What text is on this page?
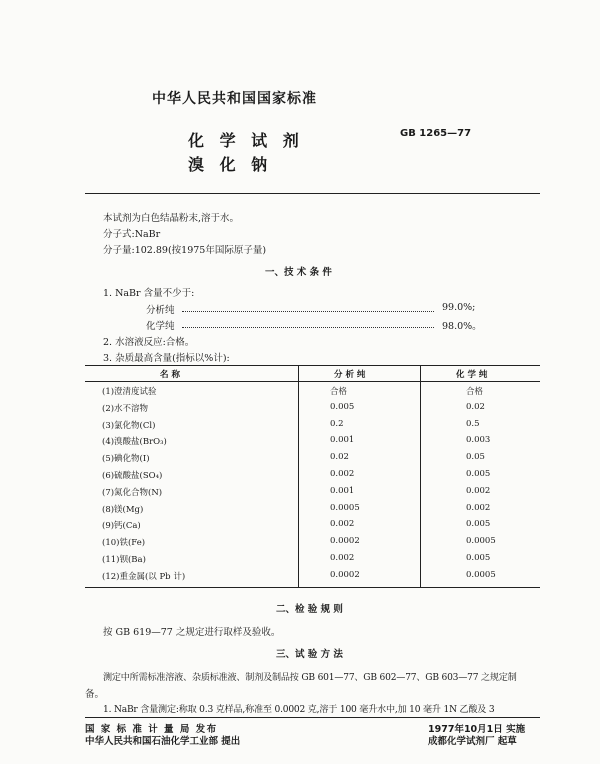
中华人民共和国国家标准
化 学 试 剂
溴 化 钠
GB 1265—77
本试剂为白色结晶粉末,溶于水。
分子式:NaBr
分子量:102.89(按1975年国际原子量)
一、技 术 条 件
1. NaBr 含量不少于:
分析纯	99.0%;
化学纯	98.0%。
2. 水溶液反应:合格。
3. 杂质最高含量(指标以%计):
名 称	分 析 纯	化 学 纯
(1)澄清度试验	合格	合格
(2)水不溶物	0.005	0.02
(3)氯化物(Cl)	0.2	0.5
(4)溴酸盐(BrO₃)	0.001	0.003
(5)碘化物(I)	0.02	0.05
(6)硫酸盐(SO₄)	0.002	0.005
(7)氮化合物(N)	0.001	0.002
(8)镁(Mg)	0.0005	0.002
(9)钙(Ca)	0.002	0.005
(10)铁(Fe)	0.0002	0.0005
(11)钡(Ba)	0.002	0.005
(12)重金属(以 Pb 计)	0.0002	0.0005
二、检 验 规 则
按 GB 619—77 之规定进行取样及验收。
三、试 验 方 法
测定中所需标准溶液、杂质标准液、制剂及制品按 GB 601—77、GB 602—77、GB 603—77 之规定制
备。
1. NaBr 含量测定:称取 0.3 克样品,称准至 0.0002 克,溶于 100 毫升水中,加 10 毫升 1N 乙酸及 3
国 家 标 准 计 量 局 发布
中华人民共和国石油化学工业部 提出
1977年10月1日 实施
成都化学试剂厂 起草
